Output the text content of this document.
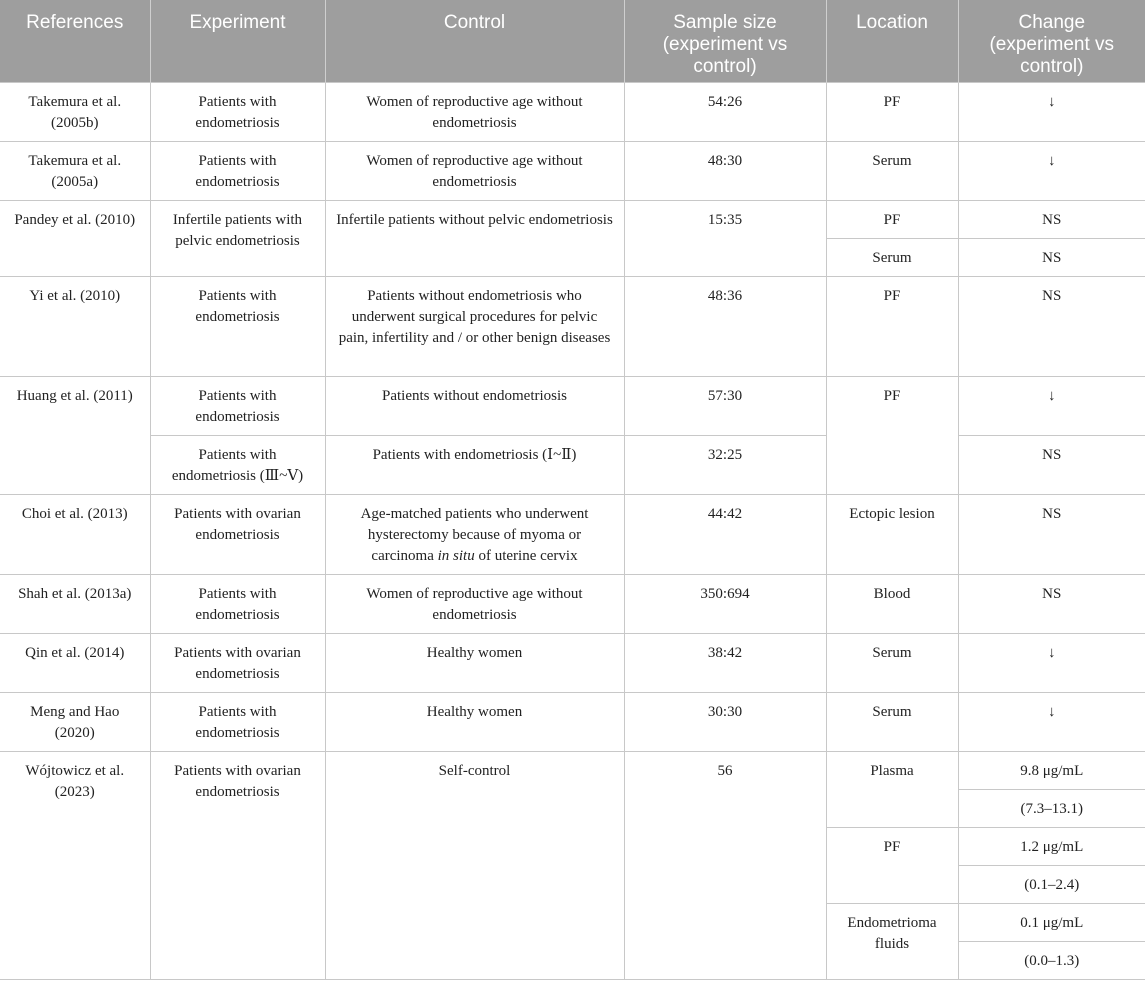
References	Experiment	Control	Sample size (experiment vs control)	Location	Change (experiment vs control)
Takemura et al. (2005b)	Patients with endometriosis	Women of reproductive age without endometriosis	54:26	PF	↓
Takemura et al. (2005a)	Patients with endometriosis	Women of reproductive age without endometriosis	48:30	Serum	↓
Pandey et al. (2010)	Infertile patients with pelvic endometriosis	Infertile patients without pelvic endometriosis	15:35	PF	NS
				Serum	NS
Yi et al. (2010)	Patients with endometriosis	Patients without endometriosis who underwent surgical procedures for pelvic pain, infertility and / or other benign diseases	48:36	PF	NS
Huang et al. (2011)	Patients with endometriosis	Patients without endometriosis	57:30	PF	↓
	Patients with endometriosis (Ⅲ~Ⅴ)	Patients with endometriosis (Ⅰ~Ⅱ)	32:25		NS
Choi et al. (2013)	Patients with ovarian endometriosis	Age-matched patients who underwent hysterectomy because of myoma or carcinoma in situ of uterine cervix	44:42	Ectopic lesion	NS
Shah et al. (2013a)	Patients with endometriosis	Women of reproductive age without endometriosis	350:694	Blood	NS
Qin et al. (2014)	Patients with ovarian endometriosis	Healthy women	38:42	Serum	↓
Meng and Hao (2020)	Patients with endometriosis	Healthy women	30:30	Serum	↓
Wójtowicz et al. (2023)	Patients with ovarian endometriosis	Self-control	56	Plasma	9.8 μg/mL
					(7.3–13.1)
				PF	1.2 μg/mL
					(0.1–2.4)
				Endometrioma fluids	0.1 μg/mL
					(0.0–1.3)
